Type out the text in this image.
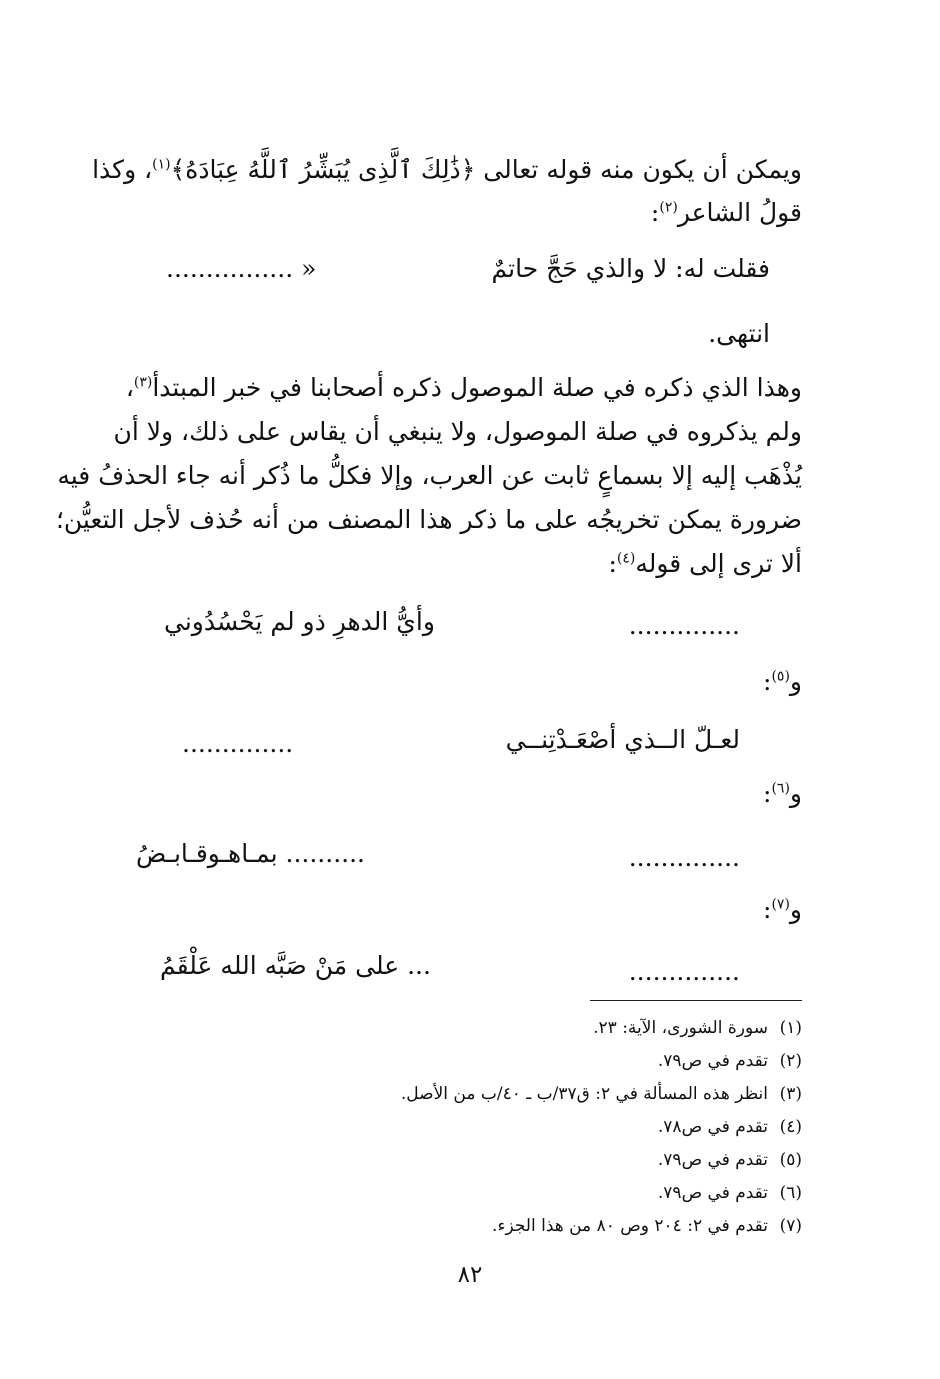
ويمكن أن يكون منه قوله تعالى ﴿ذَٰلِكَ ٱلَّذِى يُبَشِّرُ ٱللَّهُ عِبَادَهُ﴾$^{(١)}$، وكذا
قولُ الشاعر$^{(٢)}$:
فقلت له: لا والذي حَجَّ حاتمٌ
................ »
انتهى.
وهذا الذي ذكره في صلة الموصول ذكره أصحابنا في خبر المبتدأ$^{(٣)}$،
ولم يذكروه في صلة الموصول، ولا ينبغي أن يقاس على ذلك، ولا أن
يُذْهَب إليه إلا بسماعٍ ثابت عن العرب، وإلا فكلُّ ما ذُكر أنه جاء الحذفُ فيه
ضرورة يمكن تخريجُه على ما ذكر هذا المصنف من أنه حُذف لأجل التعيُّن؛
ألا ترى إلى قوله$^{(٤)}$:
..............
وأيُّ الدهرِ ذو لم يَحْسُدُوني
و$^{(٥)}$:
لعـلّ الــذي أصْعَـدْتِنــي
..............
و$^{(٦)}$:
..............
.......... بمـاهـوقـابـضُ
و$^{(٧)}$:
..............
... على مَنْ صَبَّه الله عَلْقَمُ
(١)سورة الشورى، الآية: ٢٣.
(٢)تقدم في ص٧٩.
(٣)انظر هذه المسألة في ٢: ق٣٧/ب ـ ٤٠/ب من الأصل.
(٤)تقدم في ص٧٨.
(٥)تقدم في ص٧٩.
(٦)تقدم في ص٧٩.
(٧)تقدم في ٢: ٢٠٤ وص ٨٠ من هذا الجزء.
٨٢
